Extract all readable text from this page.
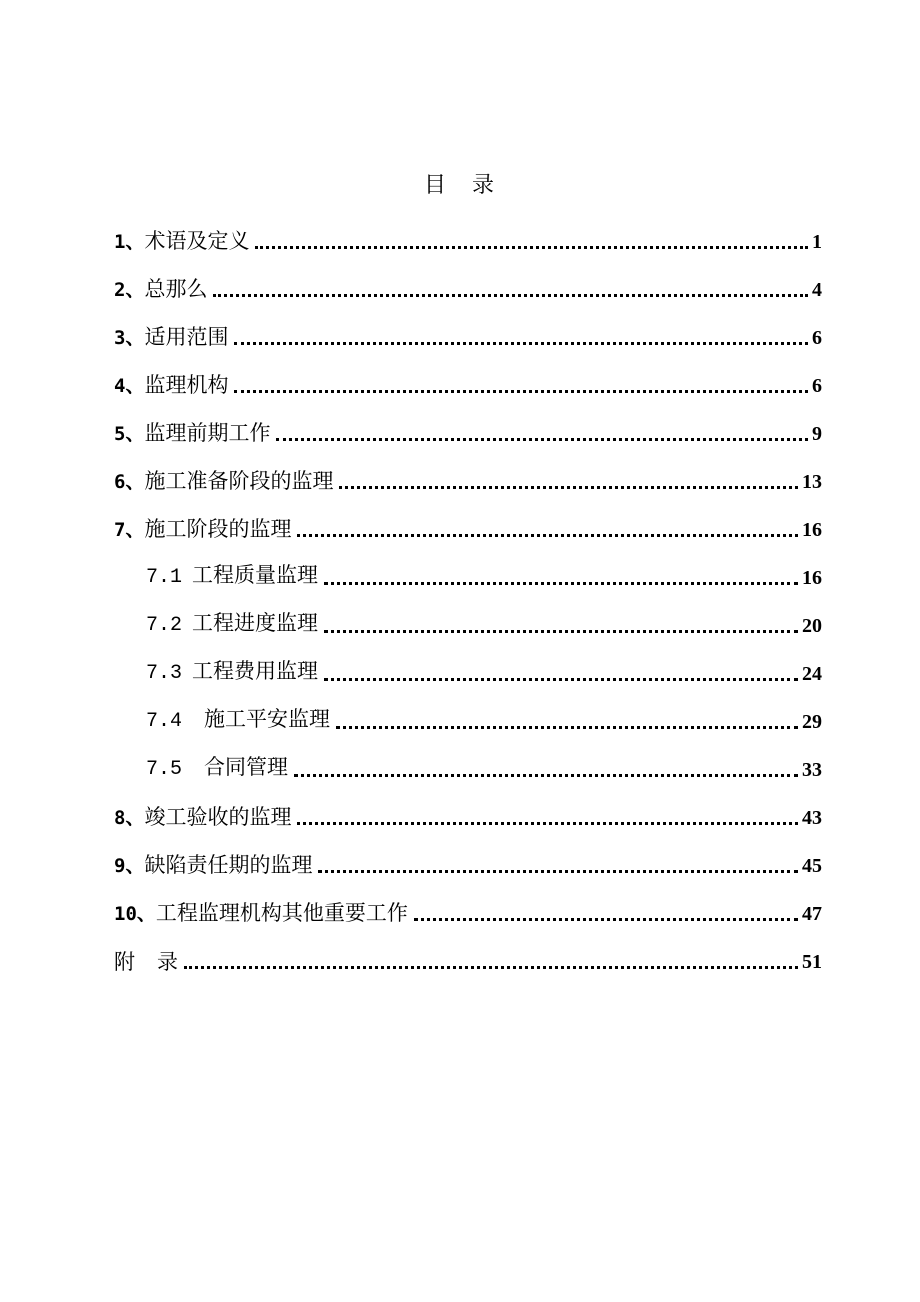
目 录
1、术语及定义	1
2、总那么	4
3、适用范围	6
4、监理机构	6
5、监理前期工作	9
6、施工准备阶段的监理	13
7、施工阶段的监理	16
7.1 工程质量监理	16
7.2 工程进度监理	20
7.3 工程费用监理	24
7.4 施工平安监理	29
7.5 合同管理	33
8、竣工验收的监理	43
9、缺陷责任期的监理	45
10、工程监理机构其他重要工作	47
附 录	51
